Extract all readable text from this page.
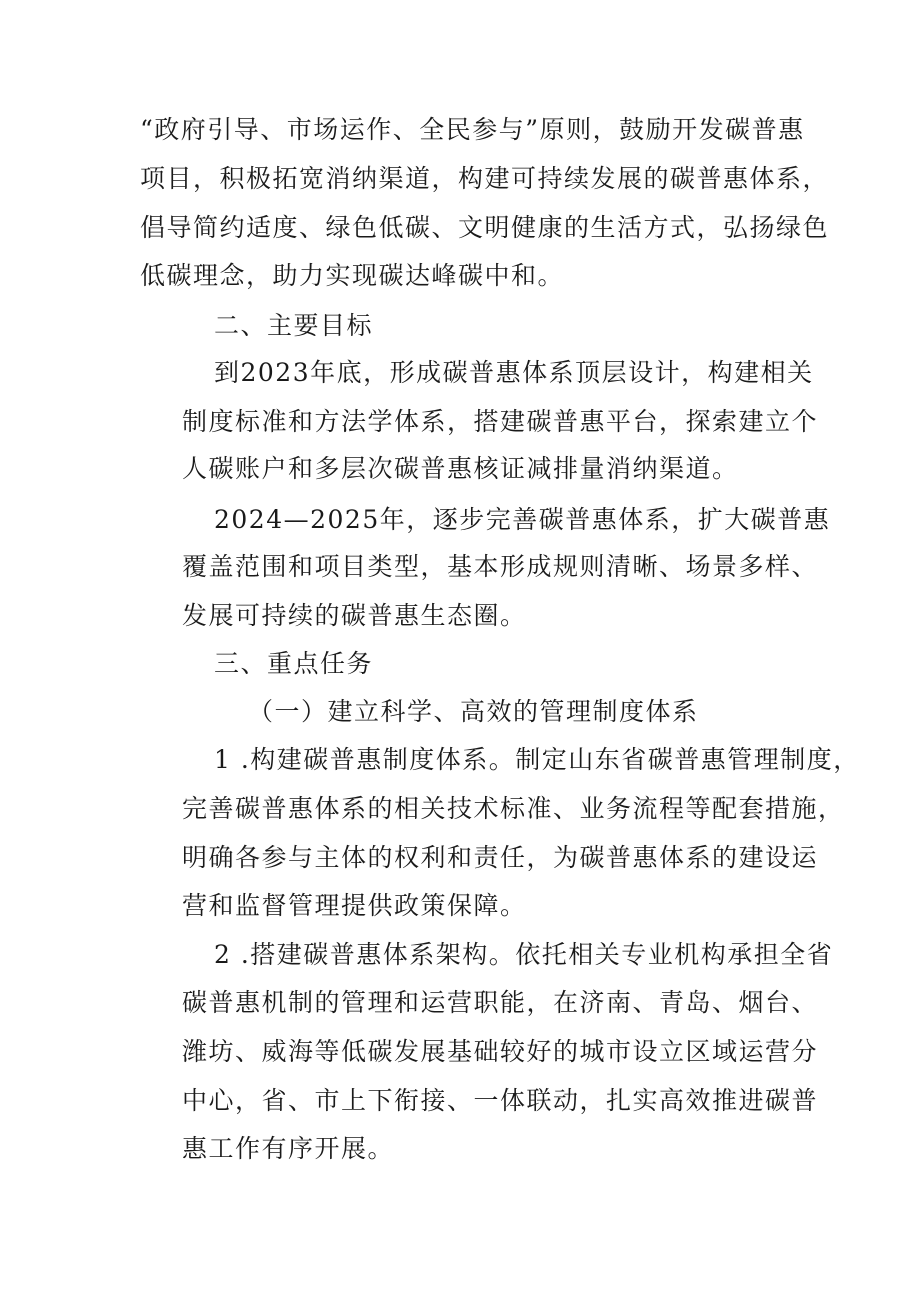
“政府引导、市场运作、全民参与”原则，鼓励开发碳普惠
项目，积极拓宽消纳渠道，构建可持续发展的碳普惠体系，
倡导简约适度、绿色低碳、文明健康的生活方式，弘扬绿色
低碳理念，助力实现碳达峰碳中和。
二、主要目标
到2023年底，形成碳普惠体系顶层设计，构建相关
制度标准和方法学体系，搭建碳普惠平台，探索建立个
人碳账户和多层次碳普惠核证减排量消纳渠道。
2024—2025年，逐步完善碳普惠体系，扩大碳普惠
覆盖范围和项目类型，基本形成规则清晰、场景多样、
发展可持续的碳普惠生态圈。
三、重点任务
（一）建立科学、高效的管理制度体系
1 .构建碳普惠制度体系。制定山东省碳普惠管理制度，
完善碳普惠体系的相关技术标准、业务流程等配套措施，
明确各参与主体的权利和责任，为碳普惠体系的建设运
营和监督管理提供政策保障。
2 .搭建碳普惠体系架构。依托相关专业机构承担全省
碳普惠机制的管理和运营职能，在济南、青岛、烟台、
潍坊、威海等低碳发展基础较好的城市设立区域运营分
中心，省、市上下衔接、一体联动，扎实高效推进碳普
惠工作有序开展。
